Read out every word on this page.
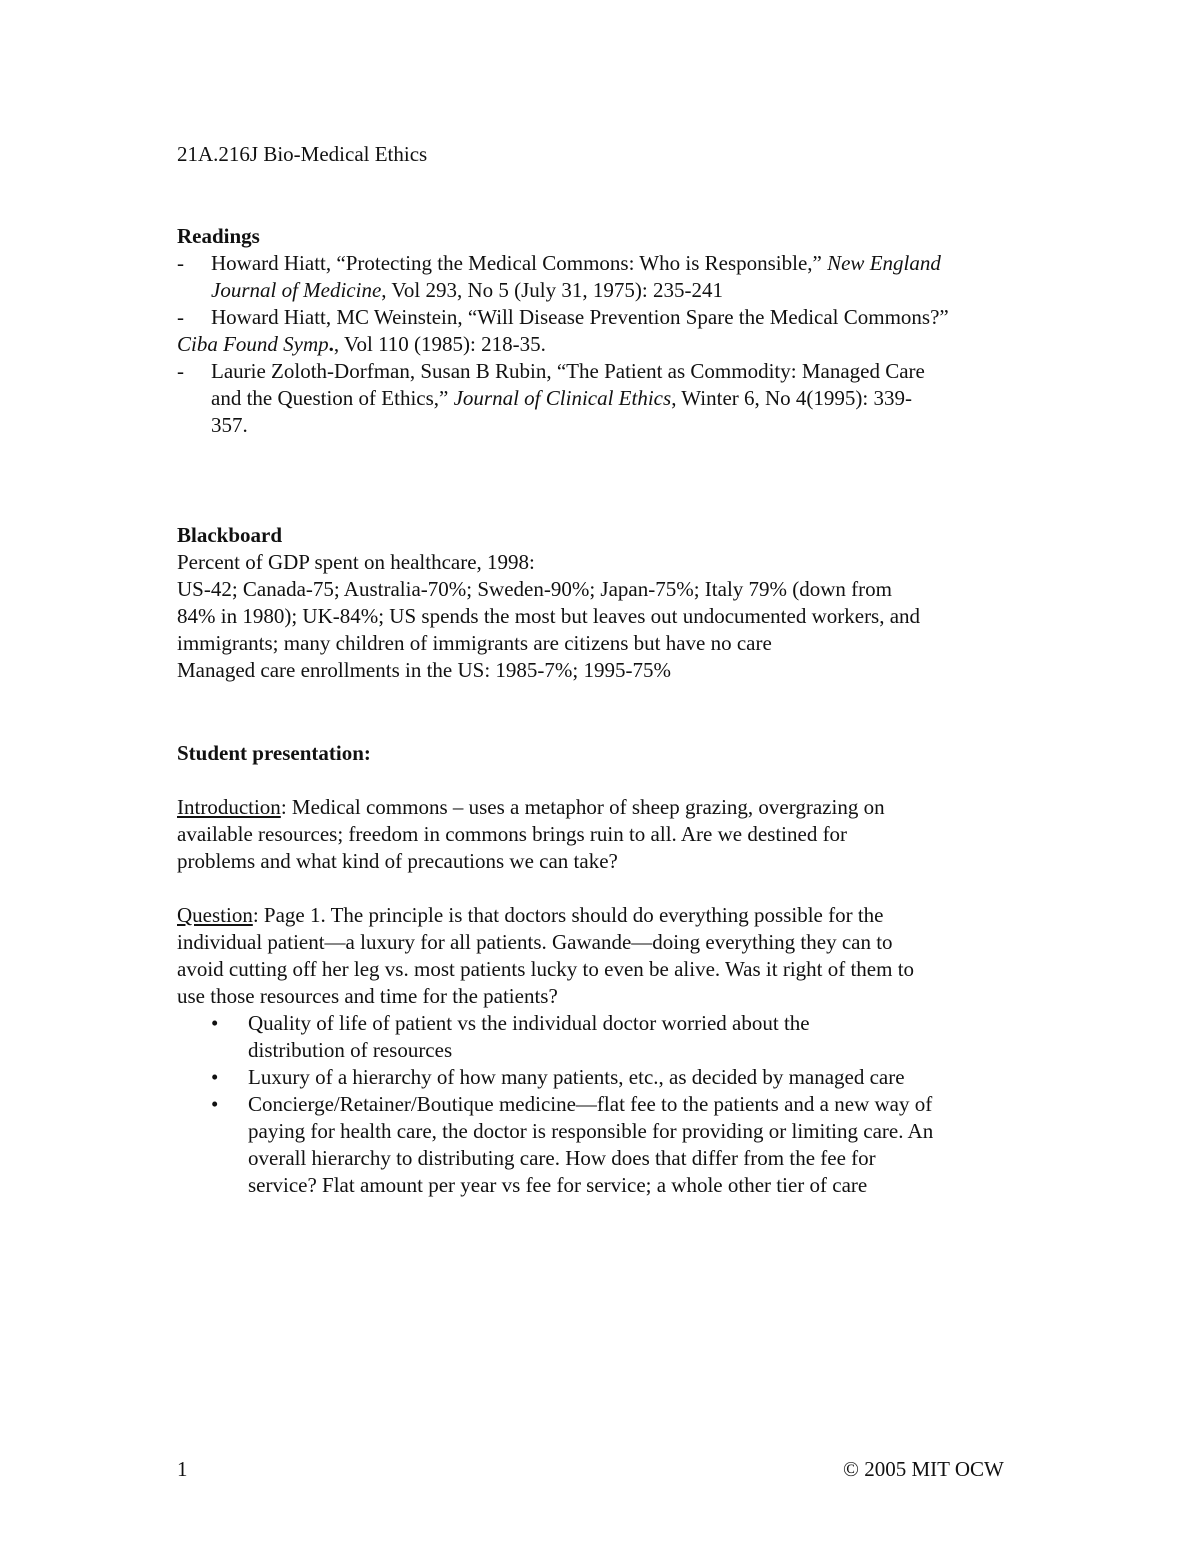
21A.216J Bio-Medical Ethics
Readings
- Howard Hiatt, “Protecting the Medical Commons: Who is Responsible,” New England
Journal of Medicine, Vol 293, No 5 (July 31, 1975): 235-241
- Howard Hiatt, MC Weinstein, “Will Disease Prevention Spare the Medical Commons?”
Ciba Found Symp., Vol 110 (1985): 218-35.
- Laurie Zoloth-Dorfman, Susan B Rubin, “The Patient as Commodity: Managed Care
and the Question of Ethics,” Journal of Clinical Ethics, Winter 6, No 4(1995): 339-
357.
Blackboard
Percent of GDP spent on healthcare, 1998:
US-42; Canada-75; Australia-70%; Sweden-90%; Japan-75%; Italy 79% (down from
84% in 1980); UK-84%; US spends the most but leaves out undocumented workers, and
immigrants; many children of immigrants are citizens but have no care
Managed care enrollments in the US: 1985-7%; 1995-75%
Student presentation:
Introduction: Medical commons – uses a metaphor of sheep grazing, overgrazing on
available resources; freedom in commons brings ruin to all. Are we destined for
problems and what kind of precautions we can take?
Question: Page 1. The principle is that doctors should do everything possible for the
individual patient—a luxury for all patients. Gawande—doing everything they can to
avoid cutting off her leg vs. most patients lucky to even be alive. Was it right of them to
use those resources and time for the patients?
• Quality of life of patient vs the individual doctor worried about the
distribution of resources
• Luxury of a hierarchy of how many patients, etc., as decided by managed care
• Concierge/Retainer/Boutique medicine—flat fee to the patients and a new way of
paying for health care, the doctor is responsible for providing or limiting care. An
overall hierarchy to distributing care. How does that differ from the fee for
service? Flat amount per year vs fee for service; a whole other tier of care
1	© 2005 MIT OCW
